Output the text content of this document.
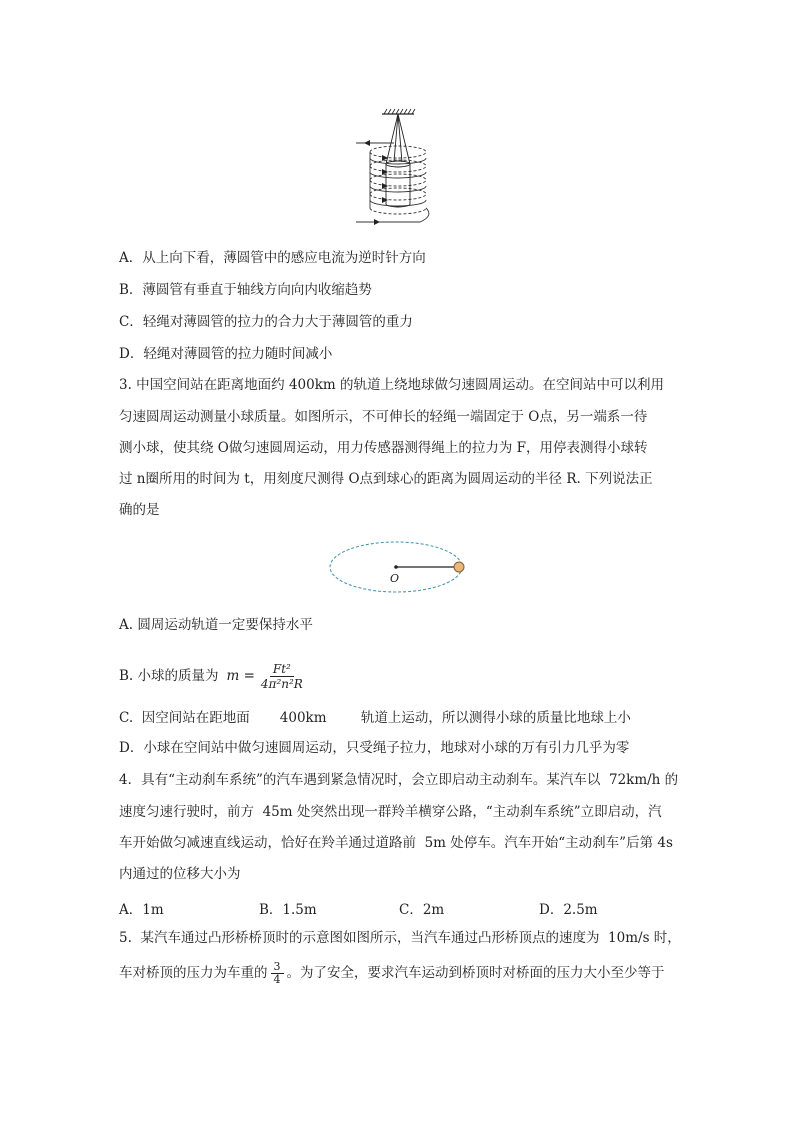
A．从上向下看，薄圆管中的感应电流为逆时针方向
B．薄圆管有垂直于轴线方向向内收缩趋势
C．轻绳对薄圆管的拉力的合力大于薄圆管的重力
D．轻绳对薄圆管的拉力随时间减小
3. 中国空间站在距离地面约 400km 的轨道上绕地球做匀速圆周运动。在空间站中可以利用
匀速圆周运动测量小球质量。如图所示，不可伸长的轻绳一端固定于 O点，另一端系一待
测小球，使其绕 O做匀速圆周运动，用力传感器测得绳上的拉力为 F，用停表测得小球转
过 n圈所用的时间为 t，用刻度尺测得 O点到球心的距离为圆周运动的半径 R. 下列说法正
确的是
O
A. 圆周运动轨道一定要保持水平
B. 小球的质量为 $m = \frac{\text{Ft²}}{\text{4π²n²R}}$
C.  因空间站在距地面       400km        轨道上运动，所以测得小球的质量比地球上小
D．小球在空间站中做匀速圆周运动，只受绳子拉力，地球对小球的万有引力几乎为零
4．具有“主动刹车系统”的汽车遇到紧急情况时，会立即启动主动刹车。某汽车以  72km/h 的
速度匀速行驶时，前方  45m 处突然出现一群羚羊横穿公路，“主动刹车系统”立即启动，汽
车开始做匀减速直线运动，恰好在羚羊通过道路前  5m 处停车。汽车开始“主动刹车”后第 4s
内通过的位移大小为
A．1m	B．1.5m	C．2m	D．2.5m
5.  某汽车通过凸形桥桥顶时的示意图如图所示，当汽车通过凸形桥顶点的速度为  10m/s 时，
车对桥顶的压力为车重的 $\frac{3}{4}$ 。为了安全，要求汽车运动到桥顶时对桥面的压力大小至少等于
